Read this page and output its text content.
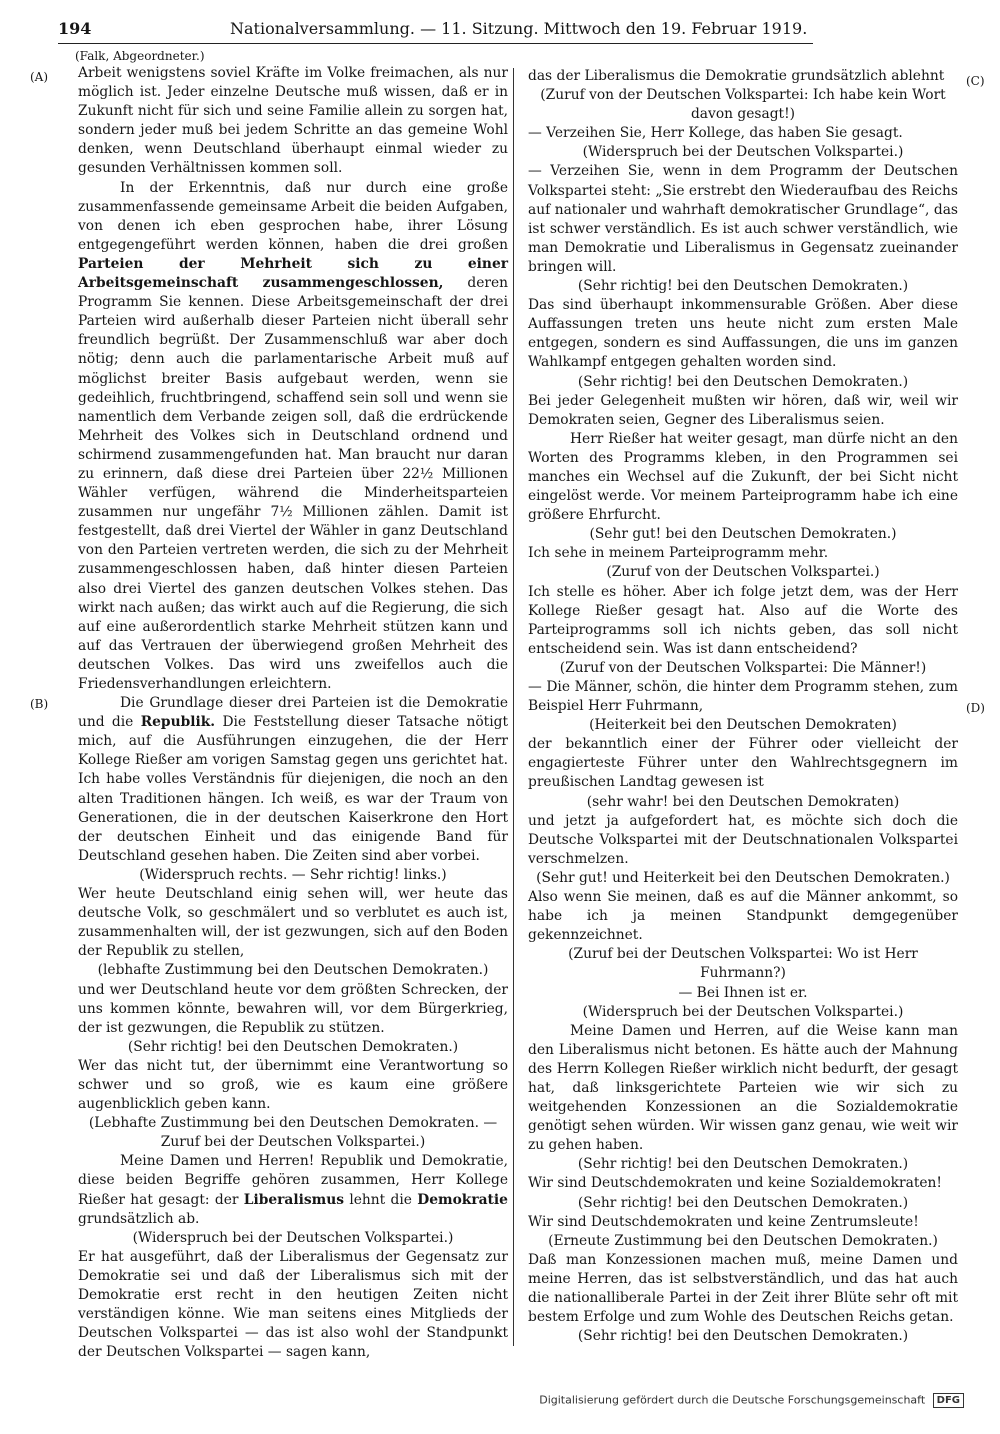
194	Nationalversammlung. — 11. Sitzung. Mittwoch den 19. Februar 1919.
(A)
(B)
(C)
(D)

(Falk, Abgeordneter.)

Arbeit wenigstens soviel Kräfte im Volke freimachen, als nur möglich ist. Jeder einzelne Deutsche muß wissen, daß er in Zukunft nicht für sich und seine Familie allein zu sorgen hat, sondern jeder muß bei jedem Schritte an das gemeine Wohl denken, wenn Deutschland überhaupt einmal wieder zu gesunden Verhältnissen kommen soll.

In der Erkenntnis, daß nur durch eine große zusammenfassende gemeinsame Arbeit die beiden Aufgaben, von denen ich eben gesprochen habe, ihrer Lösung entgegengeführt werden können, haben die drei großen Parteien der Mehrheit sich zu einer Arbeitsgemeinschaft zusammengeschlossen, deren Programm Sie kennen. Diese Arbeitsgemeinschaft der drei Parteien wird außerhalb dieser Parteien nicht überall sehr freundlich begrüßt. Der Zusammenschluß war aber doch nötig; denn auch die parlamentarische Arbeit muß auf möglichst breiter Basis aufgebaut werden, wenn sie gedeihlich, fruchtbringend, schaffend sein soll und wenn sie namentlich dem Verbande zeigen soll, daß die erdrückende Mehrheit des Volkes sich in Deutschland ordnend und schirmend zusammengefunden hat. Man braucht nur daran zu erinnern, daß diese drei Parteien über 22½ Millionen Wähler verfügen, während die Minderheitsparteien zusammen nur ungefähr 7½ Millionen zählen. Damit ist festgestellt, daß drei Viertel der Wähler in ganz Deutschland von den Parteien vertreten werden, die sich zu der Mehrheit zusammengeschlossen haben, daß hinter diesen Parteien also drei Viertel des ganzen deutschen Volkes stehen. Das wirkt nach außen; das wirkt auch auf die Regierung, die sich auf eine außerordentlich starke Mehrheit stützen kann und auf das Vertrauen der überwiegend großen Mehrheit des deutschen Volkes. Das wird uns zweifellos auch die Friedensverhandlungen erleichtern.

Die Grundlage dieser drei Parteien ist die Demokratie und die Republik. Die Feststellung dieser Tatsache nötigt mich, auf die Ausführungen einzugehen, die der Herr Kollege Rießer am vorigen Samstag gegen uns gerichtet hat. Ich habe volles Verständnis für diejenigen, die noch an den alten Traditionen hängen. Ich weiß, es war der Traum von Generationen, die in der deutschen Kaiserkrone den Hort der deutschen Einheit und das einigende Band für Deutschland gesehen haben. Die Zeiten sind aber vorbei.

(Widerspruch rechts. — Sehr richtig! links.)

Wer heute Deutschland einig sehen will, wer heute das deutsche Volk, so geschmälert und so verblutet es auch ist, zusammenhalten will, der ist gezwungen, sich auf den Boden der Republik zu stellen,

(lebhafte Zustimmung bei den Deutschen Demokraten.)

und wer Deutschland heute vor dem größten Schrecken, der uns kommen könnte, bewahren will, vor dem Bürgerkrieg, der ist gezwungen, die Republik zu stützen.

(Sehr richtig! bei den Deutschen Demokraten.)

Wer das nicht tut, der übernimmt eine Verantwortung so schwer und so groß, wie es kaum eine größere augenblicklich geben kann.

(Lebhafte Zustimmung bei den Deutschen Demokraten. — Zuruf bei der Deutschen Volkspartei.)

Meine Damen und Herren! Republik und Demokratie, diese beiden Begriffe gehören zusammen, Herr Kollege Rießer hat gesagt: der Liberalismus lehnt die Demokratie grundsätzlich ab.

(Widerspruch bei der Deutschen Volkspartei.)

Er hat ausgeführt, daß der Liberalismus der Gegensatz zur Demokratie sei und daß der Liberalismus sich mit der Demokratie erst recht in den heutigen Zeiten nicht verständigen könne. Wie man seitens eines Mitglieds der Deutschen Volkspartei — das ist also wohl der Standpunkt der Deutschen Volkspartei — sagen kann,

das der Liberalismus die Demokratie grundsätzlich ablehnt

(Zuruf von der Deutschen Volkspartei: Ich habe kein Wort davon gesagt!)

— Verzeihen Sie, Herr Kollege, das haben Sie gesagt.

(Widerspruch bei der Deutschen Volkspartei.)

— Verzeihen Sie, wenn in dem Programm der Deutschen Volkspartei steht: „Sie erstrebt den Wiederaufbau des Reichs auf nationaler und wahrhaft demokratischer Grundlage“, das ist schwer verständlich. Es ist auch schwer verständlich, wie man Demokratie und Liberalismus in Gegensatz zueinander bringen will.

(Sehr richtig! bei den Deutschen Demokraten.)

Das sind überhaupt inkommensurable Größen. Aber diese Auffassungen treten uns heute nicht zum ersten Male entgegen, sondern es sind Auffassungen, die uns im ganzen Wahlkampf entgegen gehalten worden sind.

(Sehr richtig! bei den Deutschen Demokraten.)

Bei jeder Gelegenheit mußten wir hören, daß wir, weil wir Demokraten seien, Gegner des Liberalismus seien.

Herr Rießer hat weiter gesagt, man dürfe nicht an den Worten des Programms kleben, in den Programmen sei manches ein Wechsel auf die Zukunft, der bei Sicht nicht eingelöst werde. Vor meinem Parteiprogramm habe ich eine größere Ehrfurcht.

(Sehr gut! bei den Deutschen Demokraten.)

Ich sehe in meinem Parteiprogramm mehr.

(Zuruf von der Deutschen Volkspartei.)

Ich stelle es höher. Aber ich folge jetzt dem, was der Herr Kollege Rießer gesagt hat. Also auf die Worte des Parteiprogramms soll ich nichts geben, das soll nicht entscheidend sein. Was ist dann entscheidend?

(Zuruf von der Deutschen Volkspartei: Die Männer!)

— Die Männer, schön, die hinter dem Programm stehen, zum Beispiel Herr Fuhrmann,

(Heiterkeit bei den Deutschen Demokraten)

der bekanntlich einer der Führer oder vielleicht der engagierteste Führer unter den Wahlrechtsgegnern im preußischen Landtag gewesen ist

(sehr wahr! bei den Deutschen Demokraten)

und jetzt ja aufgefordert hat, es möchte sich doch die Deutsche Volkspartei mit der Deutschnationalen Volkspartei verschmelzen.

(Sehr gut! und Heiterkeit bei den Deutschen Demokraten.)

Also wenn Sie meinen, daß es auf die Männer ankommt, so habe ich ja meinen Standpunkt demgegenüber gekennzeichnet.

(Zuruf bei der Deutschen Volkspartei: Wo ist Herr Fuhrmann?)

— Bei Ihnen ist er.

(Widerspruch bei der Deutschen Volkspartei.)

Meine Damen und Herren, auf die Weise kann man den Liberalismus nicht betonen. Es hätte auch der Mahnung des Herrn Kollegen Rießer wirklich nicht bedurft, der gesagt hat, daß linksgerichtete Parteien wie wir sich zu weitgehenden Konzessionen an die Sozialdemokratie genötigt sehen würden. Wir wissen ganz genau, wie weit wir zu gehen haben.

(Sehr richtig! bei den Deutschen Demokraten.)

Wir sind Deutschdemokraten und keine Sozialdemokraten!

(Sehr richtig! bei den Deutschen Demokraten.)

Wir sind Deutschdemokraten und keine Zentrumsleute!

(Erneute Zustimmung bei den Deutschen Demokraten.)

Daß man Konzessionen machen muß, meine Damen und meine Herren, das ist selbstverständlich, und das hat auch die nationalliberale Partei in der Zeit ihrer Blüte sehr oft mit bestem Erfolge und zum Wohle des Deutschen Reichs getan.

(Sehr richtig! bei den Deutschen Demokraten.)

Digitalisierung gefördert durch die Deutsche Forschungsgemeinschaft DFG
